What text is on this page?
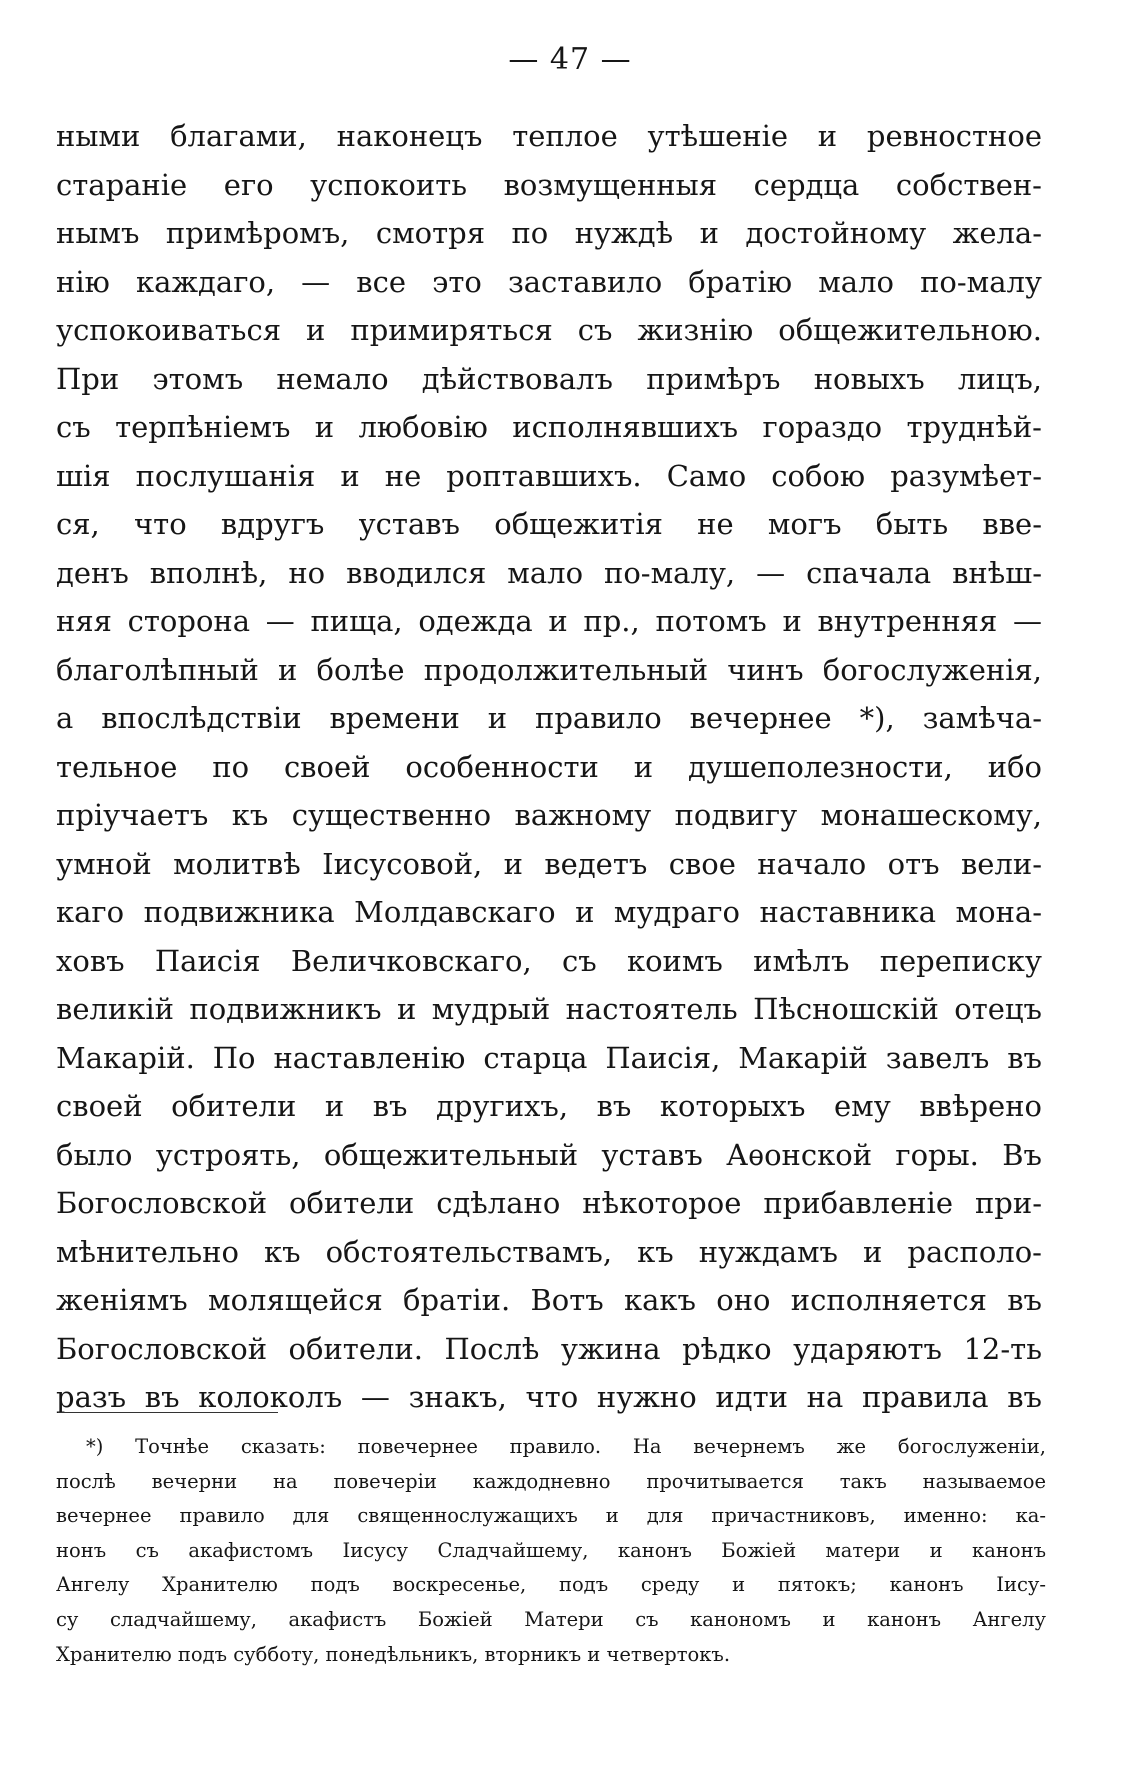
— 47 —
ными благами, наконецъ теплое утѣшеніе и ревностное
стараніе его успокоить возмущенныя сердца собствен-
нымъ примѣромъ, смотря по нуждѣ и достойному желa-
нію каждаго, — все это заставило братію мало по-малу
успокоиваться и примиряться съ жизнію общежительною.
При этомъ немало дѣйствовалъ примѣръ новыхъ лицъ,
съ терпѣніемъ и любовію исполнявшихъ гораздо труднѣй-
шія послушанія и не роптавшихъ. Само собою разумѣет-
ся, что вдругъ уставъ общежитія не могъ быть вве-
денъ вполнѣ, но вводился мало по-малу, — спачала внѣш-
няя сторона — пища, одежда и пр., потомъ и внутренняя —
благолѣпный и болѣе продолжительный чинъ богослуженія,
а впослѣдствіи времени и правило вечернее *), замѣча-
тельное по своей особенности и душеполезности, ибо
пріучаетъ къ существенно важному подвигу монашескому,
умной молитвѣ Іисусовой, и ведетъ свое начало отъ вели-
каго подвижника Молдавскаго и мудраго наставника мона-
ховъ Паисія Величковскаго, съ коимъ имѣлъ переписку
великій подвижникъ и мудрый настоятель Пѣсношскій отецъ
Макарій. По наставленію старца Паисія, Макарій завелъ въ
своей обители и въ другихъ, въ которыхъ ему ввѣрено
было устроять, общежительный уставъ Аѳонской горы. Въ
Богословской обители сдѣлано нѣкоторое прибавленіе при-
мѣнительно къ обстоятельствамъ, къ нуждамъ и располо-
женіямъ молящейся братіи. Вотъ какъ оно исполняется въ
Богословской обители. Послѣ ужина рѣдко ударяютъ 12-ть
разъ въ колоколъ — знакъ, что нужно идти на правила въ
*) Точнѣе сказать: повечернее правило. На вечернемъ же богослуженіи,
послѣ вечерни на повечеріи каждодневно прочитывается такъ называемое
вечернее правило для священнослужащихъ и для причастниковъ, именно: ка-
нонъ съ акафистомъ Іисусу Сладчайшему, канонъ Божіей матери и канонъ
Ангелу Хранителю подъ воскресенье, подъ среду и пятокъ; канонъ Іису-
су сладчайшему, акафистъ Божіей Матери съ канономъ и канонъ Ангелу
Хранителю подъ субботу, понедѣльникъ, вторникъ и четвертокъ.
